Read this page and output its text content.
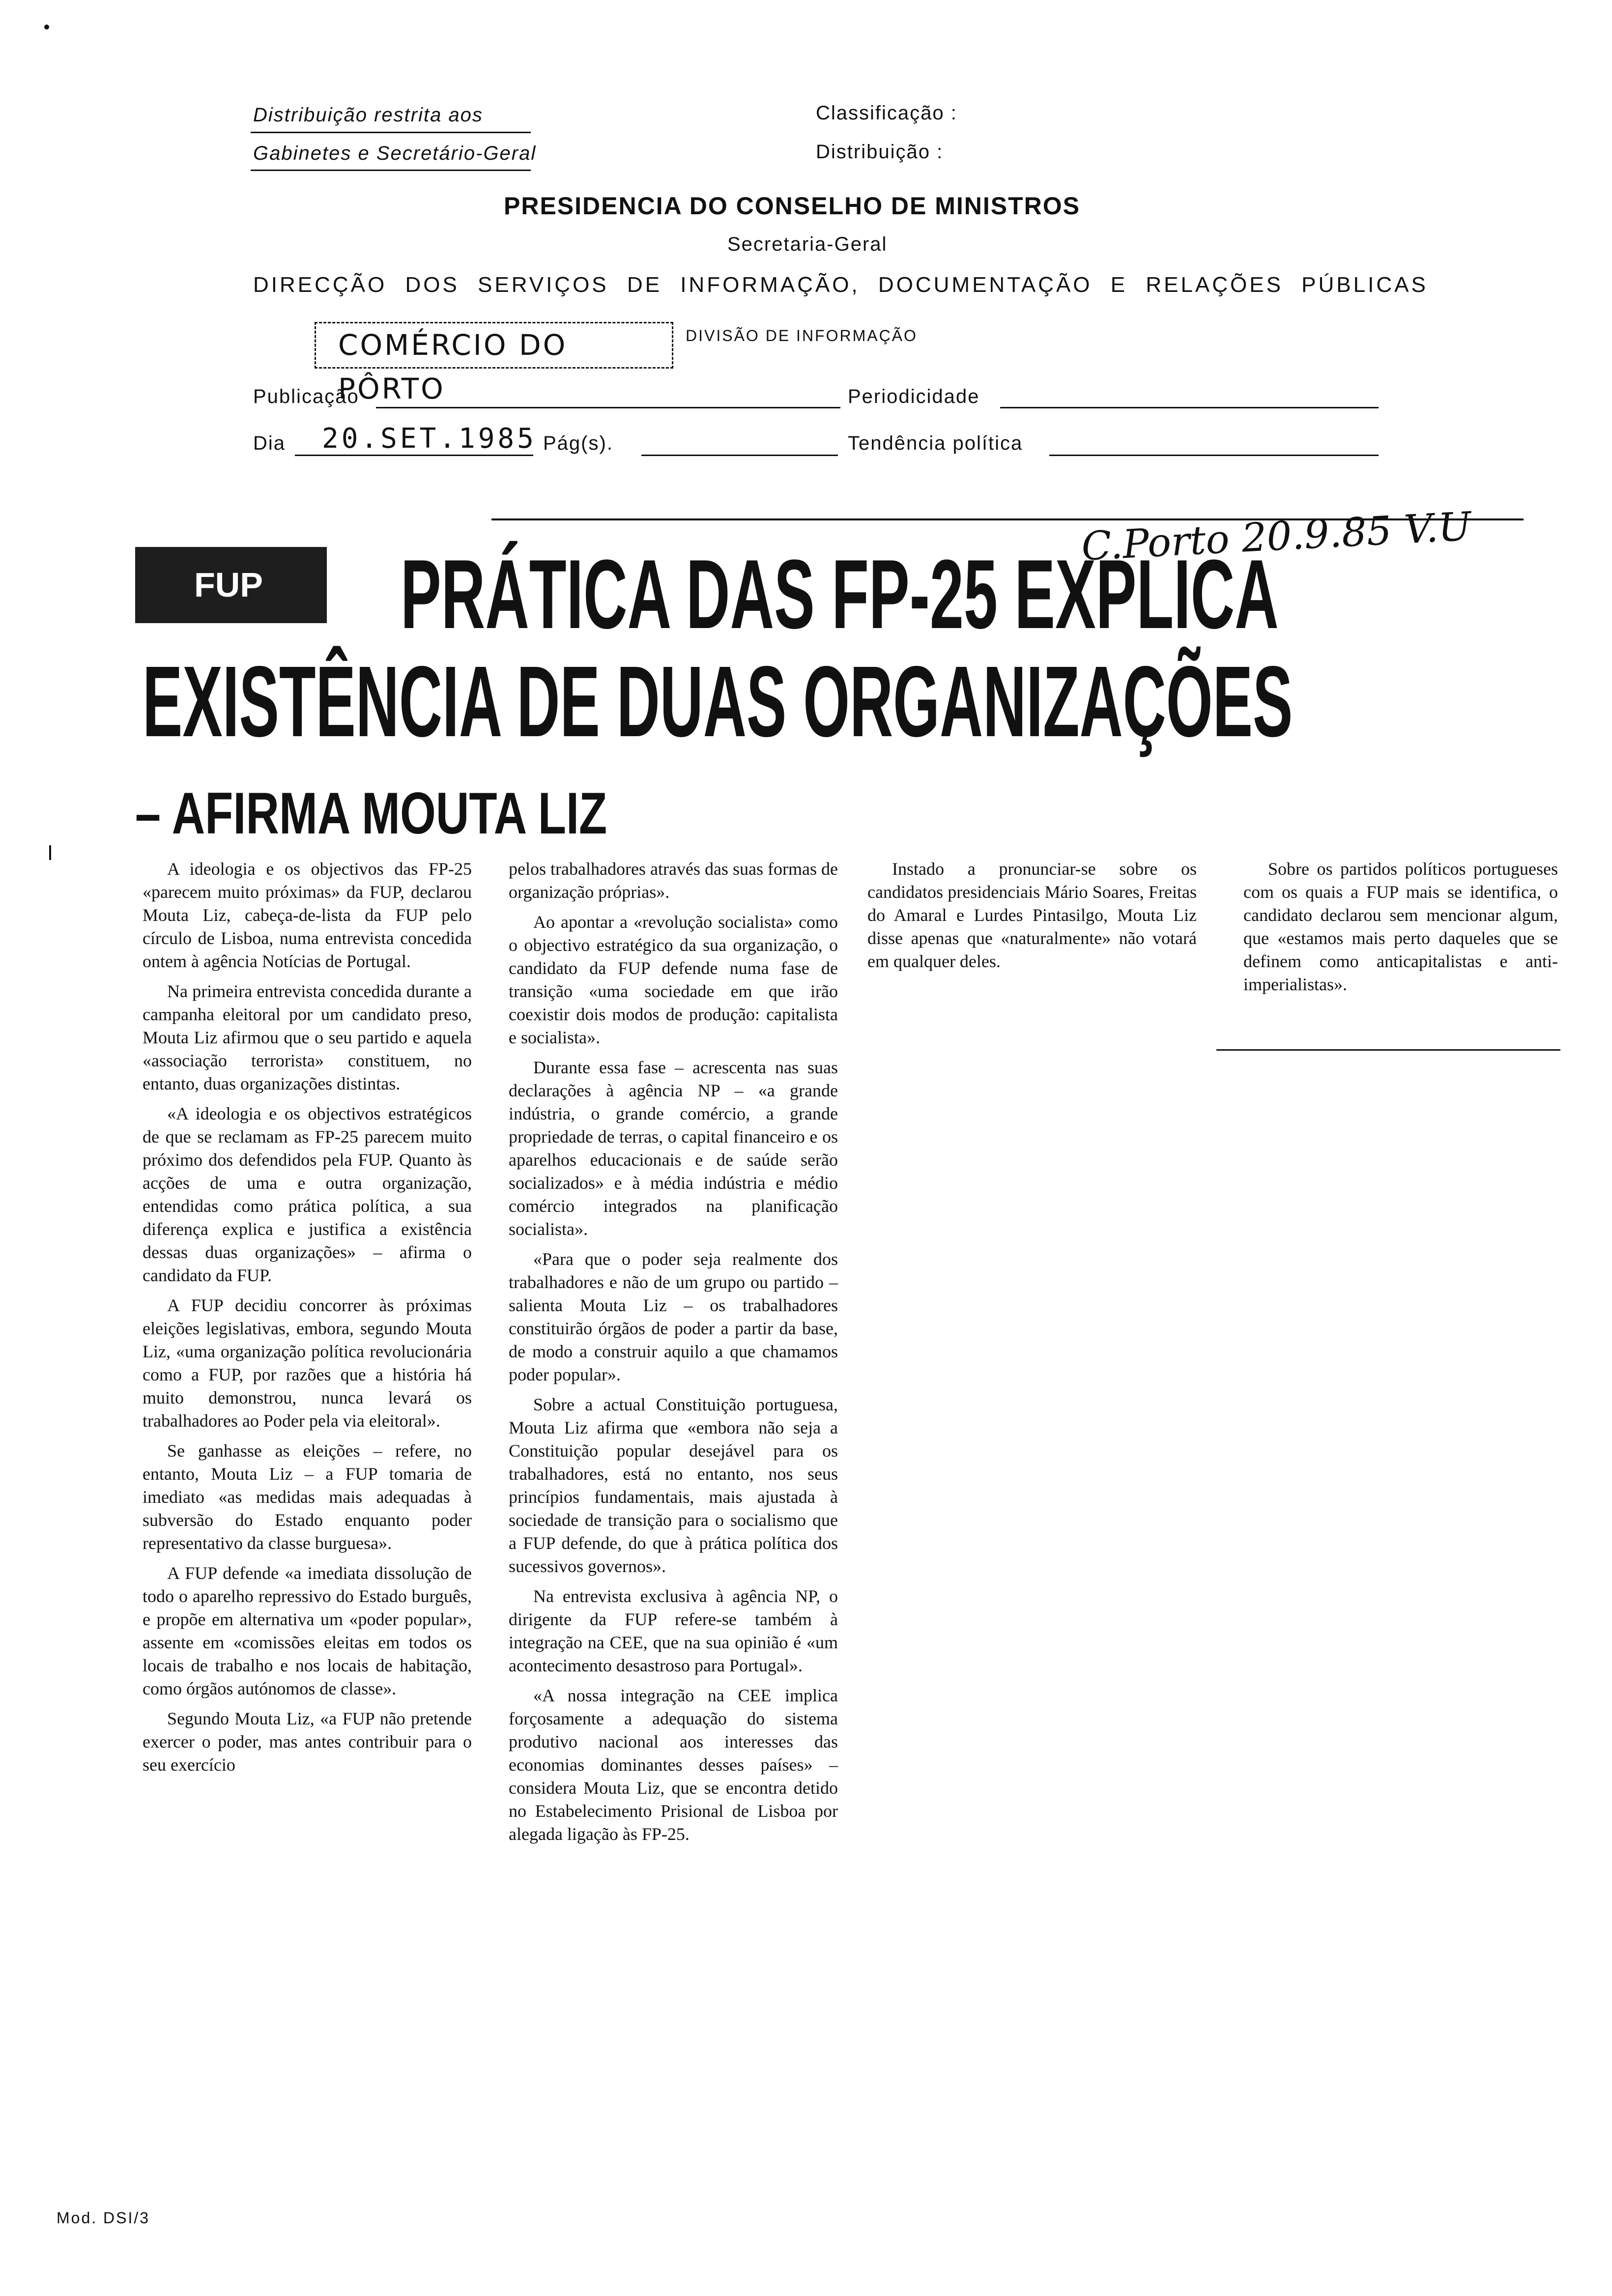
Distribuição restrita aos
Gabinetes e Secretário-Geral
Classificação :
Distribuição :
PRESIDENCIA DO CONSELHO DE MINISTROS
Secretaria-Geral
DIRECÇÃO DOS SERVIÇOS DE INFORMAÇÃO, DOCUMENTAÇÃO E RELAÇÕES PÚBLICAS
COMÉRCIO DO PÔRTO
DIVISÃO DE INFORMAÇÃO
Publicação	Periodicidade
Dia 20.SET.1985 Pág(s).	Tendência política
C.Porto 20.9.85 V.U
FUP	PRÁTICA DAS FP-25 EXPLICA
EXISTÊNCIA DE DUAS ORGANIZAÇÕES
– AFIRMA MOUTA LIZ

A ideologia e os objectivos das FP-25 «parecem muito próximas» da FUP, declarou Mouta Liz, cabeça-de-lista da FUP pelo círculo de Lisboa, numa entrevista concedida ontem à agência Notícias de Portugal.

Na primeira entrevista concedida durante a campanha eleitoral por um candidato preso, Mouta Liz afirmou que o seu partido e aquela «associação terrorista» constituem, no entanto, duas organizações distintas.

«A ideologia e os objectivos estratégicos de que se reclamam as FP-25 parecem muito próximo dos defendidos pela FUP. Quanto às acções de uma e outra organização, entendidas como prática política, a sua diferença explica e justifica a existência dessas duas organizações» – afirma o candidato da FUP.

A FUP decidiu concorrer às próximas eleições legislativas, embora, segundo Mouta Liz, «uma organização política revolucionária como a FUP, por razões que a história há muito demonstrou, nunca levará os trabalhadores ao Poder pela via eleitoral».

Se ganhasse as eleições – refere, no entanto, Mouta Liz – a FUP tomaria de imediato «as medidas mais adequadas à subversão do Estado enquanto poder representativo da classe burguesa».

A FUP defende «a imediata dissolução de todo o aparelho repressivo do Estado burguês, e propõe em alternativa um «poder popular», assente em «comissões eleitas em todos os locais de trabalho e nos locais de habitação, como órgãos autónomos de classe».

Segundo Mouta Liz, «a FUP não pretende exercer o poder, mas antes contribuir para o seu exercício

pelos trabalhadores através das suas formas de organização próprias».

Ao apontar a «revolução socialista» como o objectivo estratégico da sua organização, o candidato da FUP defende numa fase de transição «uma sociedade em que irão coexistir dois modos de produção: capitalista e socialista».

Durante essa fase – acrescenta nas suas declarações à agência NP – «a grande indústria, o grande comércio, a grande propriedade de terras, o capital financeiro e os aparelhos educacionais e de saúde serão socializados» e à média indústria e médio comércio integrados na planificação socialista».

«Para que o poder seja realmente dos trabalhadores e não de um grupo ou partido – salienta Mouta Liz – os trabalhadores constituirão órgãos de poder a partir da base, de modo a construir aquilo a que chamamos poder popular».

Sobre a actual Constituição portuguesa, Mouta Liz afirma que «embora não seja a Constituição popular desejável para os trabalhadores, está no entanto, nos seus princípios fundamentais, mais ajustada à sociedade de transição para o socialismo que a FUP defende, do que à prática política dos sucessivos governos».

Na entrevista exclusiva à agência NP, o dirigente da FUP refere-se também à integração na CEE, que na sua opinião é «um acontecimento desastroso para Portugal».

«A nossa integração na CEE implica forçosamente a adequação do sistema produtivo nacional aos interesses das economias dominantes desses países» – considera Mouta Liz, que se encontra detido no Estabelecimento Prisional de Lisboa por alegada ligação às FP-25.

Instado a pronunciar-se sobre os candidatos presidenciais Mário Soares, Freitas do Amaral e Lurdes Pintasilgo, Mouta Liz disse apenas que «naturalmente» não votará em qualquer deles.

Sobre os partidos políticos portugueses com os quais a FUP mais se identifica, o candidato declarou sem mencionar algum, que «estamos mais perto daqueles que se definem como anticapitalistas e anti-imperialistas».

Mod. DSI/3
